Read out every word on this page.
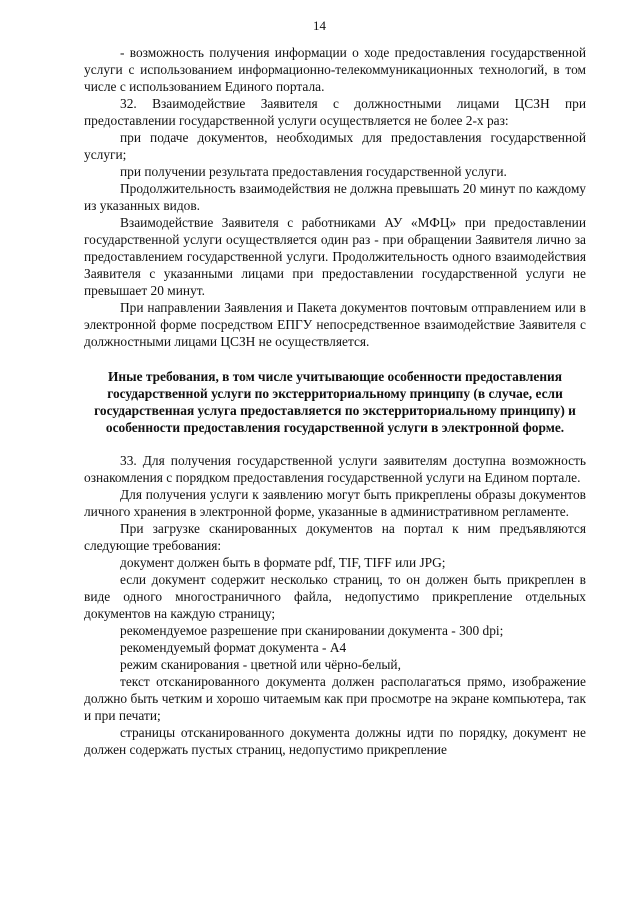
14

- возможность получения информации о ходе предоставления государственной услуги с использованием информационно-телекоммуникационных технологий, в том числе с использованием Единого портала.

32. Взаимодействие Заявителя с должностными лицами ЦСЗН при предоставлении государственной услуги осуществляется не более 2-х раз:

при подаче документов, необходимых для предоставления государственной услуги;

при получении результата предоставления государственной услуги.

Продолжительность взаимодействия не должна превышать 20 минут по каждому из указанных видов.

Взаимодействие Заявителя с работниками АУ «МФЦ» при предоставлении государственной услуги осуществляется один раз - при обращении Заявителя лично за предоставлением государственной услуги. Продолжительность одного взаимодействия Заявителя с указанными лицами при предоставлении государственной услуги не превышает 20 минут.

При направлении Заявления и Пакета документов почтовым отправлением или в электронной форме посредством ЕПГУ непосредственное взаимодействие Заявителя с должностными лицами ЦСЗН не осуществляется.

Иные требования, в том числе учитывающие особенности предоставления государственной услуги по экстерриториальному принципу (в случае, если государственная услуга предоставляется по экстерриториальному принципу) и особенности предоставления государственной услуги в электронной форме.

33. Для получения государственной услуги заявителям доступна возможность ознакомления с порядком предоставления государственной услуги на Едином портале.

Для получения услуги к заявлению могут быть прикреплены образы документов личного хранения в электронной форме, указанные в административном регламенте.

При загрузке сканированных документов на портал к ним предъявляются следующие требования:

документ должен быть в формате pdf, TIF, TIFF или JPG;

если документ содержит несколько страниц, то он должен быть прикреплен в виде одного многостраничного файла, недопустимо прикрепление отдельных документов на каждую страницу;

рекомендуемое разрешение при сканировании документа - 300 dpi;

рекомендуемый формат документа - А4

режим сканирования - цветной или чёрно-белый,

текст отсканированного документа должен располагаться прямо, изображение должно быть четким и хорошо читаемым как при просмотре на экране компьютера, так и при печати;

страницы отсканированного документа должны идти по порядку, документ не должен содержать пустых страниц, недопустимо прикрепление
